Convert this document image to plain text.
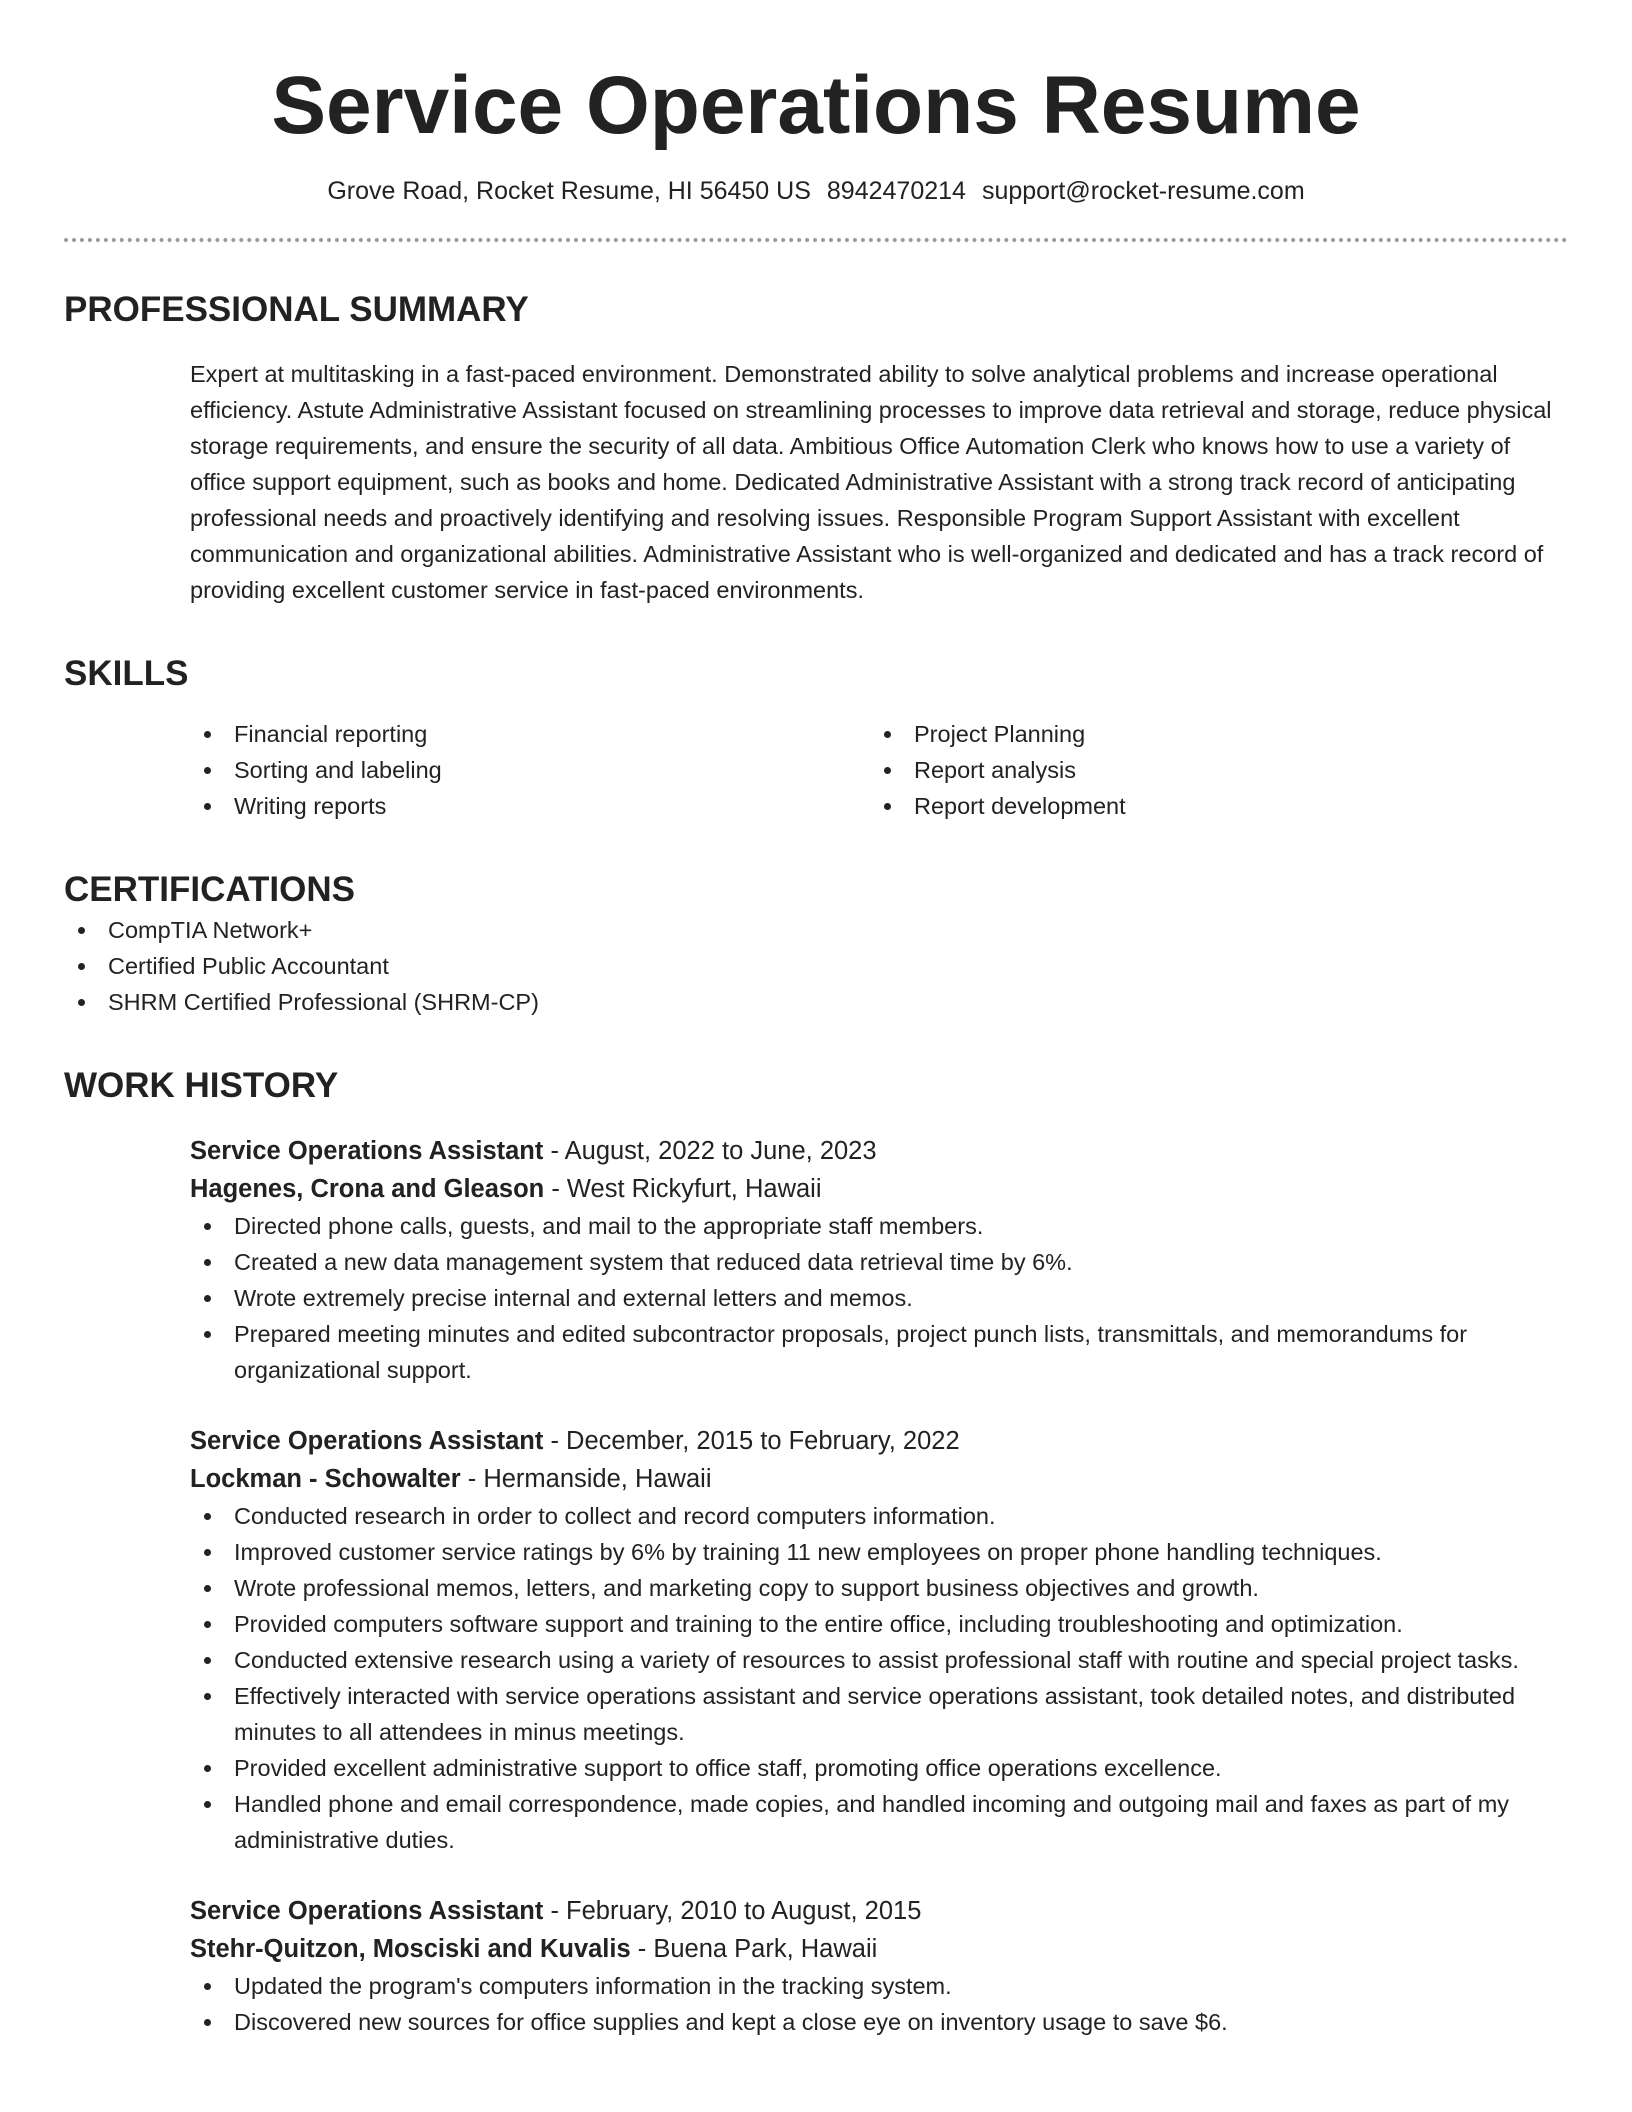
Service Operations Resume
Grove Road, Rocket Resume, HI 56450 US 8942470214 support@rocket-resume.com
PROFESSIONAL SUMMARY
Expert at multitasking in a fast-paced environment. Demonstrated ability to solve analytical problems and increase operational efficiency. Astute Administrative Assistant focused on streamlining processes to improve data retrieval and storage, reduce physical storage requirements, and ensure the security of all data. Ambitious Office Automation Clerk who knows how to use a variety of office support equipment, such as books and home. Dedicated Administrative Assistant with a strong track record of anticipating professional needs and proactively identifying and resolving issues. Responsible Program Support Assistant with excellent communication and organizational abilities. Administrative Assistant who is well-organized and dedicated and has a track record of providing excellent customer service in fast-paced environments.
SKILLS
Financial reporting
Sorting and labeling
Writing reports
Project Planning
Report analysis
Report development
CERTIFICATIONS
CompTIA Network+
Certified Public Accountant
SHRM Certified Professional (SHRM-CP)
WORK HISTORY
Service Operations Assistant - August, 2022 to June, 2023
Hagenes, Crona and Gleason - West Rickyfurt, Hawaii
Directed phone calls, guests, and mail to the appropriate staff members.
Created a new data management system that reduced data retrieval time by 6%.
Wrote extremely precise internal and external letters and memos.
Prepared meeting minutes and edited subcontractor proposals, project punch lists, transmittals, and memorandums for organizational support.
Service Operations Assistant - December, 2015 to February, 2022
Lockman - Schowalter - Hermanside, Hawaii
Conducted research in order to collect and record computers information.
Improved customer service ratings by 6% by training 11 new employees on proper phone handling techniques.
Wrote professional memos, letters, and marketing copy to support business objectives and growth.
Provided computers software support and training to the entire office, including troubleshooting and optimization.
Conducted extensive research using a variety of resources to assist professional staff with routine and special project tasks.
Effectively interacted with service operations assistant and service operations assistant, took detailed notes, and distributed minutes to all attendees in minus meetings.
Provided excellent administrative support to office staff, promoting office operations excellence.
Handled phone and email correspondence, made copies, and handled incoming and outgoing mail and faxes as part of my administrative duties.
Service Operations Assistant - February, 2010 to August, 2015
Stehr-Quitzon, Mosciski and Kuvalis - Buena Park, Hawaii
Updated the program's computers information in the tracking system.
Discovered new sources for office supplies and kept a close eye on inventory usage to save $6.
